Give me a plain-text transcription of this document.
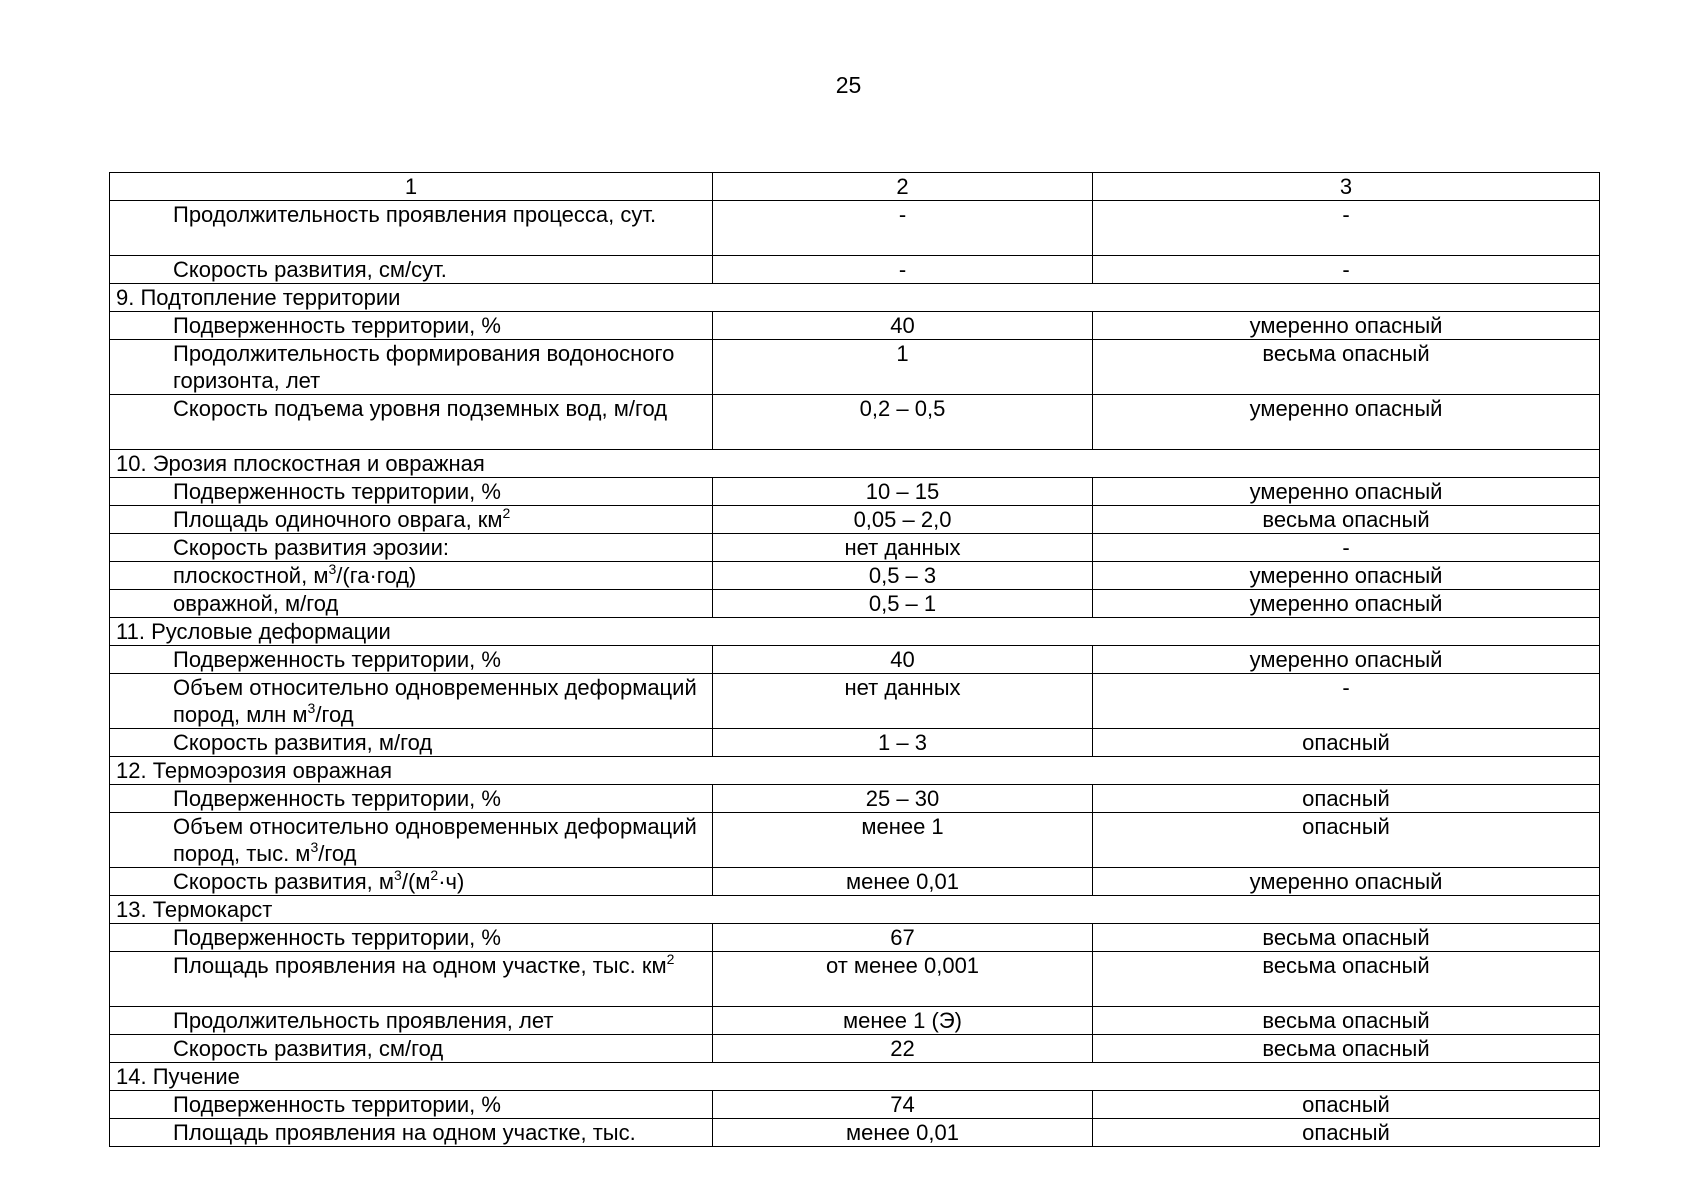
25
1	2	3
Продолжительность проявления процесса, сут.	-	-
Скорость развития, см/сут.	-	-
9. Подтопление территории		
Подверженность территории, %	40	умеренно опасный
Продолжительность формирования водоносного горизонта, лет	1	весьма опасный
Скорость подъема уровня подземных вод, м/год	0,2 – 0,5	умеренно опасный
10. Эрозия плоскостная и овражная		
Подверженность территории, %	10 – 15	умеренно опасный
Площадь одиночного оврага, $км^2$	0,05 – 2,0	весьма опасный
Скорость развития эрозии:	нет данных	-
плоскостной, $м^3/(га\cdot год)$	0,5 – 3	умеренно опасный
овражной, м/год	0,5 – 1	умеренно опасный
11. Русловые деформации		
Подверженность территории, %	40	умеренно опасный
Объем относительно одновременных деформаций пород, млн $м^3$/год	нет данных	-
Скорость развития, м/год	1 – 3	опасный
12. Термоэрозия овражная		
Подверженность территории, %	25 – 30	опасный
Объем относительно одновременных деформаций пород, тыс. $м^3$/год	менее 1	опасный
Скорость развития, $м^3/(м^2\cdot ч)$	менее 0,01	умеренно опасный
13. Термокарст		
Подверженность территории, %	67	весьма опасный
Площадь проявления на одном участке, тыс. $км^2$	от менее 0,001	весьма опасный
Продолжительность проявления, лет	менее 1 (Э)	весьма опасный
Скорость развития, см/год	22	весьма опасный
14. Пучение		
Подверженность территории, %	74	опасный
Площадь проявления на одном участке, тыс.	менее 0,01	опасный
